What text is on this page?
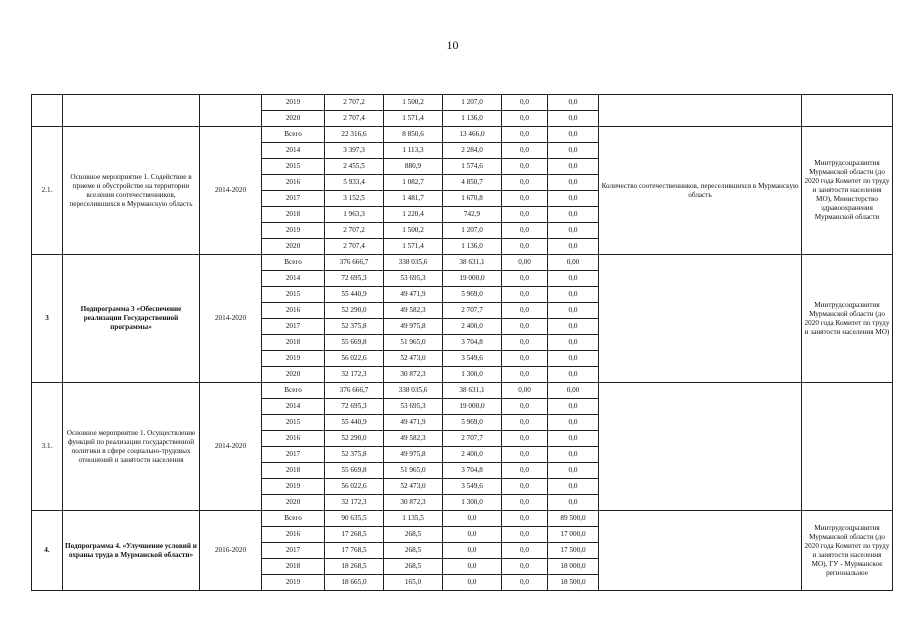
10
			2019	2 707,2	1 500,2	1 207,0	0,0	0,0		
			2020	2 707,4	1 571,4	1 136,0	0,0	0,0		
2.1.	Основное мероприятие 1. Содействие в приеме и обустройстве на территории вселения соотечественников, переселившихся в Мурманскую область	2014-2020	Всего	22 316,6	8 850,6	13 466,0	0,0	0,0	Количество соотечественников, переселившихся в Мурманскую область	Минтрудсоцразвития Мурманской области (до 2020 года Комитет по труду и занятости населения МО), Министерство здравоохранения Мурманской области
			2014	3 397,3	1 113,3	2 284,0	0,0	0,0		
			2015	2 455,5	880,9	1 574,6	0,0	0,0		
			2016	5 933,4	1 082,7	4 850,7	0,0	0,0		
			2017	3 152,5	1 481,7	1 670,8	0,0	0,0		
			2018	1 963,3	1 220,4	742,9	0,0	0,0		
			2019	2 707,2	1 500,2	1 207,0	0,0	0,0		
			2020	2 707,4	1 571,4	1 136,0	0,0	0,0		
3	Подпрограмма 3 «Обеспечение реализации Государственной программы»	2014-2020	Всего	376 666,7	338 035,6	38 631,1	0,00	0,00		Минтрудсоцразвития Мурманской области (до 2020 года Комитет по труду и занятости населения МО)
			2014	72 695,3	53 695,3	19 000,0	0,0	0,0		
			2015	55 440,9	49 471,9	5 969,0	0,0	0,0		
			2016	52 290,0	49 582,3	2 707,7	0,0	0,0		
			2017	52 375,8	49 975,8	2 400,0	0,0	0,0		
			2018	55 669,8	51 965,0	3 704,8	0,0	0,0		
			2019	56 022,6	52 473,0	3 549,6	0,0	0,0		
			2020	32 172,3	30 872,3	1 300,0	0,0	0,0		
3.1.	Основное мероприятие 1. Осуществление функций по реализации государственной политики в сфере социально-трудовых отношений и занятости населения	2014-2020	Всего	376 666,7	338 035,6	38 631,1	0,00	0,00		
			2014	72 695,3	53 695,3	19 000,0	0,0	0,0		
			2015	55 440,9	49 471,9	5 969,0	0,0	0,0		
			2016	52 290,0	49 582,3	2 707,7	0,0	0,0		
			2017	52 375,8	49 975,8	2 400,0	0,0	0,0		
			2018	55 669,8	51 965,0	3 704,8	0,0	0,0		
			2019	56 022,6	52 473,0	3 549,6	0,0	0,0		
			2020	32 172,3	30 872,3	1 300,0	0,0	0,0		
4.	Подпрограмма 4. «Улучшение условий и охраны труда в Мурманской области»	2016-2020	Всего	90 635,5	1 135,5	0,0	0,0	89 500,0		Минтрудсоцразвития Мурманской области (до 2020 года Комитет по труду и занятости населения МО), ГУ - Мурманское региональное
			2016	17 268,5	268,5	0,0	0,0	17 000,0		
			2017	17 768,5	268,5	0,0	0,0	17 500,0		
			2018	18 268,5	268,5	0,0	0,0	18 000,0		
			2019	18 665,0	165,0	0,0	0,0	18 500,0		
